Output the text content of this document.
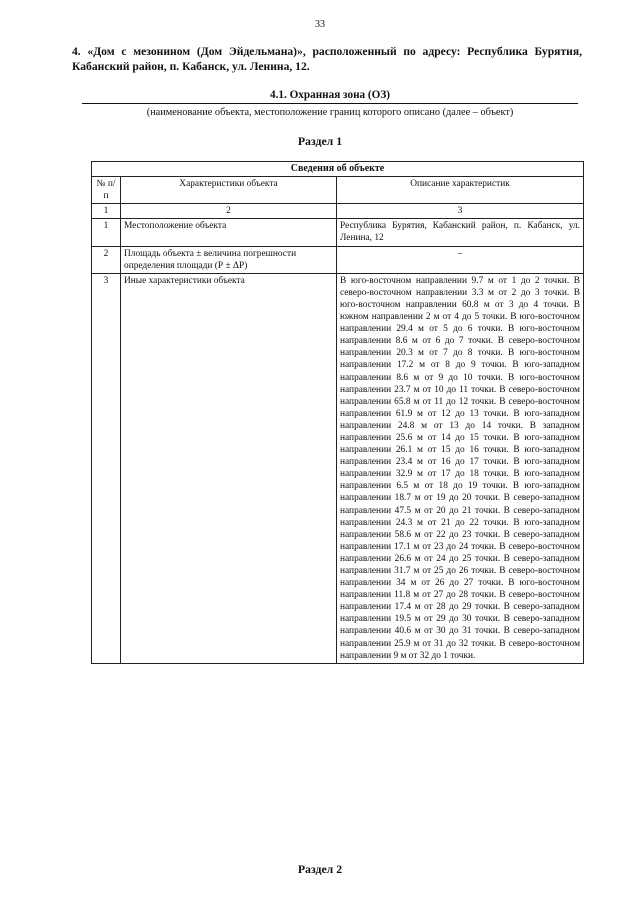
33
4. «Дом с мезонином (Дом Эйдельмана)», расположенный по адресу: Республика Бурятия, Кабанский район, п. Кабанск, ул. Ленина, 12.
4.1. Охранная зона (ОЗ)
(наименование объекта, местоположение границ которого описано (далее – объект)
Раздел 1
Сведения об объекте		
№ п/п	Характеристики объекта	Описание характеристик
1	2	3
1	Местоположение объекта	Республика Бурятия, Кабанский район, п. Кабанск, ул. Ленина, 12
2	Площадь объекта ± величина погрешности определения площади (Р ± ΔР)	–
3	Иные характеристики объекта	В юго-восточном направлении 9.7 м от 1 до 2 точки. В северо-восточном направлении 3.3 м от 2 до 3 точки. В юго-восточном направлении 60.8 м от 3 до 4 точки. В южном направлении 2 м от 4 до 5 точки. В юго-восточном направлении 29.4 м от 5 до 6 точки. В юго-восточном направлении 8.6 м от 6 до 7 точки. В северо-восточном направлении 20.3 м от 7 до 8 точки. В юго-восточном направлении 17.2 м от 8 до 9 точки. В юго-западном направлении 8.6 м от 9 до 10 точки. В юго-восточном направлении 23.7 м от 10 до 11 точки. В северо-восточном направлении 65.8 м от 11 до 12 точки. В северо-восточном направлении 61.9 м от 12 до 13 точки. В юго-западном направлении 24.8 м от 13 до 14 точки. В западном направлении 25.6 м от 14 до 15 точки. В юго-западном направлении 26.1 м от 15 до 16 точки. В юго-западном направлении 23.4 м от 16 до 17 точки. В юго-западном направлении 32.9 м от 17 до 18 точки. В юго-западном направлении 6.5 м от 18 до 19 точки. В юго-западном направлении 18.7 м от 19 до 20 точки. В северо-западном направлении 47.5 м от 20 до 21 точки. В северо-западном направлении 24.3 м от 21 до 22 точки. В юго-западном направлении 58.6 м от 22 до 23 точки. В северо-западном направлении 17.1 м от 23 до 24 точки. В северо-восточном направлении 26.6 м от 24 до 25 точки. В северо-западном направлении 31.7 м от 25 до 26 точки. В северо-восточном направлении 34 м от 26 до 27 точки. В юго-восточном направлении 11.8 м от 27 до 28 точки. В северо-восточном направлении 17.4 м от 28 до 29 точки. В северо-западном направлении 19.5 м от 29 до 30 точки. В северо-западном направлении 40.6 м от 30 до 31 точки. В северо-западном направлении 25.9 м от 31 до 32 точки. В северо-восточном направлении 9 м от 32 до 1 точки.
Раздел 2
